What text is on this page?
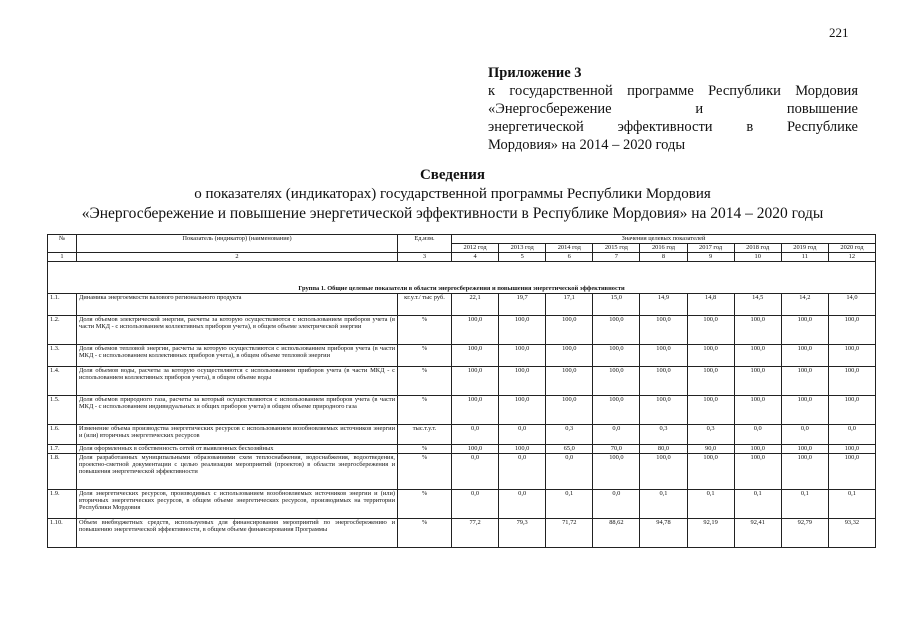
221
Приложение 3
к государственной программе Республики Мордовия
«Энергосбережение и повышение
энергетической эффективности в Республике
Мордовия» на 2014 – 2020 годы
Сведения
о показателях (индикаторах) государственной программы Республики Мордовия
«Энергосбережение и повышение энергетической эффективности в Республике Мордовия» на 2014 – 2020 годы
№	Показатель (индикатор) (наименование)	Ед.изм.	Значения целевых показателей								
			2012 год	2013 год	2014 год	2015 год	2016 год	2017 год	2018 год	2019 год	2020 год
1	2	3	4	5	6	7	8	9	10	11	12
Группа 1. Общие целевые показатели в области энергосбережения и повышения энергетической эффективности											
1.1.	Динамика энергоемкости валового регионального продукта	кг.у.т./ тыс руб.	22,1	19,7	17,1	15,0	14,9	14,8	14,5	14,2	14,0
1.2.	Доля объемов электрической энергии, расчеты за которую осуществляются с использованием приборов учета (в части МКД - с использованием коллективных приборов учета), в общем объеме электрической энергии	%	100,0	100,0	100,0	100,0	100,0	100,0	100,0	100,0	100,0
1.3.	Доля объемов тепловой энергии, расчеты за которую осуществляются с использованием приборов учета (в части МКД - с использованием коллективных приборов учета), в общем объеме тепловой энергии	%	100,0	100,0	100,0	100,0	100,0	100,0	100,0	100,0	100,0
1.4.	Доля объемов воды, расчеты за которую осуществляются с использованием приборов учета (в части МКД - с использованием коллективных приборов учета), в общем объеме воды	%	100,0	100,0	100,0	100,0	100,0	100,0	100,0	100,0	100,0
1.5.	Доля объемов природного газа, расчеты за который осуществляются с использованием приборов учета (в части МКД - с использованием индивидуальных и общих приборов учета) в общем объеме природного газа	%	100,0	100,0	100,0	100,0	100,0	100,0	100,0	100,0	100,0
1.6.	Изменение объема производства энергетических ресурсов с использованием возобновляемых источников энергии и (или) вторичных энергетических ресурсов	тыс.т.у.т.	0,0	0,0	0,3	0,0	0,3	0,3	0,0	0,0	0,0
1.7.	Доля оформленных в собственность сетей от выявленных бесхозяйных	%	100,0	100,0	65,0	70,0	80,0	90,0	100,0	100,0	100,0
1.8.	Доля разработанных муниципальными образованиями схем теплоснабжения, водоснабжения, водоотведения, проектно-сметной документации с целью реализации мероприятий (проектов) в области энергосбережения и повышения энергетической эффективности	%	0,0	0,0	0,0	100,0	100,0	100,0	100,0	100,0	100,0
1.9.	Доля энергетических ресурсов, производимых с использованием возобновляемых источников энергии и (или) вторичных энергетических ресурсов, в общем объеме энергетических ресурсов, производимых на территории Республики Мордовия	%	0,0	0,0	0,1	0,0	0,1	0,1	0,1	0,1	0,1
1.10.	Объем внебюджетных средств, используемых для финансирования мероприятий по энергосбережению и повышению энергетической эффективности, в общем объеме финансирования Программы	%	77,2	79,3	71,72	88,62	94,78	92,19	92,41	92,79	93,32
